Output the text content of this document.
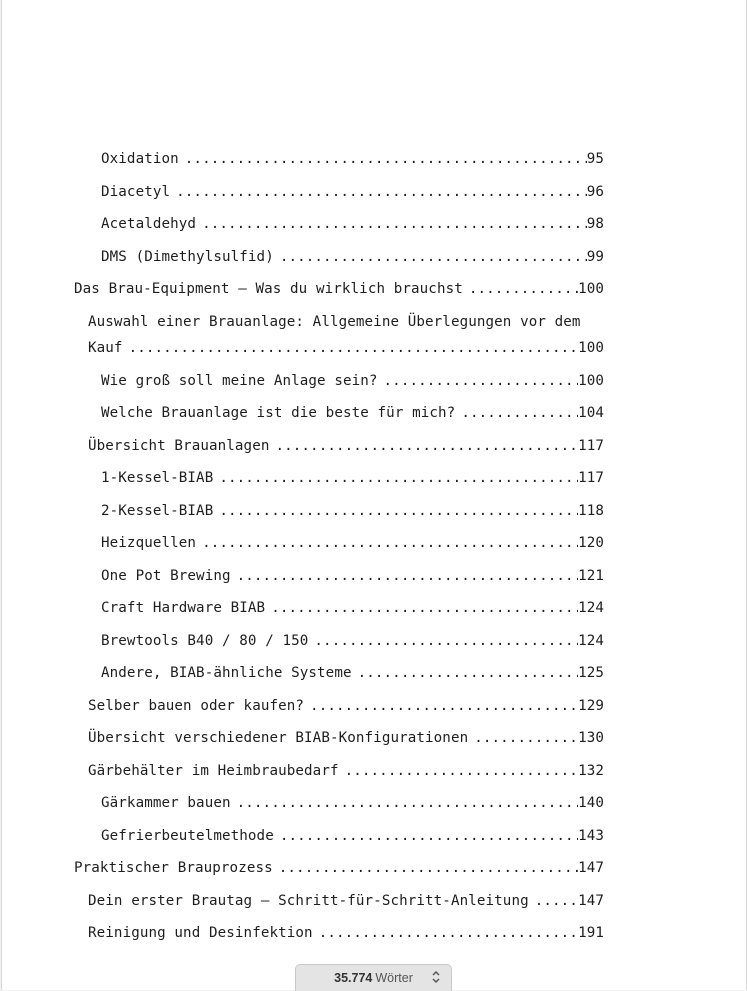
Oxidation .....	95
Diacetyl .....	96
Acetaldehyd .....	98
DMS (Dimethylsulfid) .....	99
Das Brau-Equipment – Was du wirklich brauchst .....	100
Auswahl einer Brauanlage: Allgemeine Überlegungen vor dem
Kauf .....	100
Wie groß soll meine Anlage sein? .....	100
Welche Brauanlage ist die beste für mich? .....	104
Übersicht Brauanlagen .....	117
1-Kessel-BIAB .....	117
2-Kessel-BIAB .....	118
Heizquellen .....	120
One Pot Brewing .....	121
Craft Hardware BIAB .....	124
Brewtools B40 / 80 / 150 .....	124
Andere, BIAB-ähnliche Systeme .....	125
Selber bauen oder kaufen? .....	129
Übersicht verschiedener BIAB-Konfigurationen .....	130
Gärbehälter im Heimbraubedarf .....	132
Gärkammer bauen .....	140
Gefrierbeutelmethode .....	143
Praktischer Brauprozess .....	147
Dein erster Brautag – Schritt-für-Schritt-Anleitung .....	147
Reinigung und Desinfektion .....	191
35.774 Wörter
